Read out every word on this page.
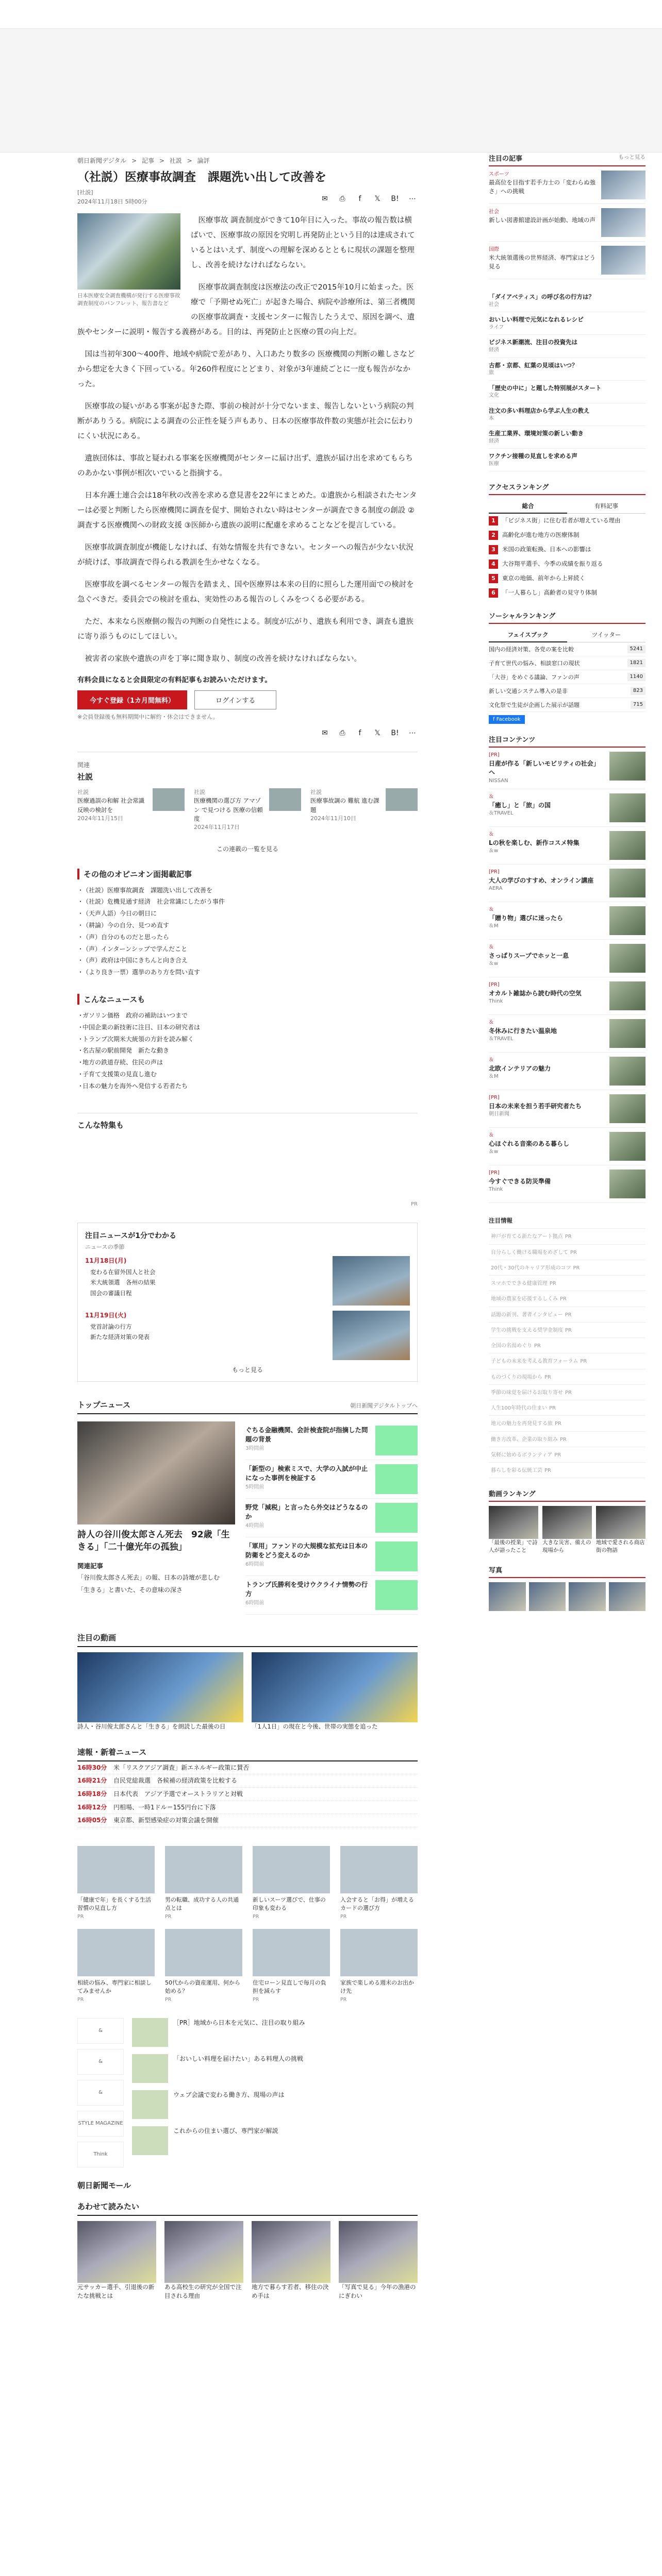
朝日新聞デジタル > 記事 > 社説 > 論評
（社説）医療事故調査　課題洗い出して改善を
[社説]
2024年11月18日 5時00分	✉	⎙	f	𝕏	B! ⋯
日本医療安全調査機構が発行する医療事故調査制度のパンフレット、報告書など

医療事故 調査制度ができて10年目に入った。事故の報告数は横ばいで、医療事故の原因を究明し再発防止という目的は達成されているとはいえず、制度への理解を深めるとともに現状の課題を整理し、改善を続けなければならない。

医療事故調査制度は医療法の改正で2015年10月に始まった。医療で「予期せぬ死亡」が起きた場合、病院や診療所は、第三者機関の医療事故調査・支援センターに報告したうえで、原因を調べ、遺族やセンターに説明・報告する義務がある。目的は、再発防止と医療の質の向上だ。

国は当初年300～400件、地域や病院で差があり、入口あたり数多の 医療機関の判断の難しさなどから想定を大きく下回っている。年260件程度にとどまり、対象が3年連続ごとに一度も報告がなかった。

医療事故の疑いがある事案が起きた際、事前の検討が十分でないまま、報告しないという病院の判断がありうる。病院による調査の公正性を疑う声もあり、日本の医療事故件数の実態が社会に伝わりにくい状況にある。

遺族団体は、事故と疑われる事案を医療機関がセンターに届け出ず、遺族が届け出を求めてもらちのあかない事例が相次いでいると指摘する。

日本弁護士連合会は18年秋の改善を求める意見書を22年にまとめた。①遺族から相談されたセンターは必要と判断したら医療機関に調査を促す、開始されない時はセンターが調査できる制度の創設 ②調査する医療機関への財政支援 ③医師から遺族の説明に配慮を求めることなどを提言している。

医療事故調査制度が機能しなければ、有効な情報を共有できない。センターへの報告が少ない状況が続けば、事故調査で得られる教訓を生かせなくなる。

医療事故を調べるセンターの報告を踏まえ、国や医療界は本来の目的に照らした運用面での検討を急ぐべきだ。委員会での検討を重ね、実効性のある報告のしくみをつくる必要がある。

ただ、本来なら医療側の報告の判断の自発性による。制度が広がり、遺族も利用でき、調査も遺族に寄り添うものにしてほしい。

被害者の家族や遺族の声を丁寧に聞き取り、制度の改善を続けなければならない。

有料会員になると会員限定の有料記事もお読みいただけます。
今すぐ登録（1カ月間無料）	ログインする
※会員登録後も無料期間中に解約・休会はできません。
✉	⎙	f	𝕏	B! ⋯
関連
社説
社説
医療過誤の和解 社会常識 反映の検討を
2024年11月15日
社説
医療機関の選び方 アマゾン で見つける 医療の信頼度
2024年11月17日
社説
医療事故調の 難航 進む課題
2024年11月10日
この連載の一覧を見る
その他のオピニオン面掲載記事
・ （社説）医療事故調査　課題洗い出して改善を
・ （社説）危機見通す経済　社会常識にしたがう事件
・ （天声人語）今日の朝日に
・ （耕論）今の自分、見つめ直す
・ （声）自分のものだと思ったら
・ （声）インターンシップで学んだこと
・ （声）政府は中国にきちんと向き合え
・ （より良き一票）選挙のあり方を問い直す
こんなニュースも
・ ガソリン価格　政府の補助はいつまで
・ 中国企業の新技術に注目、日本の研究者は
・ トランプ次期米大統領の方針を読み解く
・ 名古屋の駅前開発　新たな動き
・ 地方の鉄道存続、住民の声は
・ 子育て支援策の見直し進む
・ 日本の魅力を海外へ発信する若者たち
こんな特集も
PR
注目ニュースが1分でわかる
ニュースの季節
11月18日(月)
変わる在留外国人と社会
米大統領選　各州の結果
国会の審議日程
11月19日(火)
党首討論の行方
新たな経済対策の発表
もっと見る
トップニュース	朝日新聞デジタルトップへ
詩人の谷川俊太郎さん死去　92歳「生きる」「二十億光年の孤独」
関連記事
「谷川俊太郎さん死去」の報、日本の詩壇が悲しむ
「生きる」と書いた、その意味の深さ
ぐちる金融機関、会計検査院が指摘した問題の背景
3時間前
「新型の」検索ミスで、大学の入試が中止になった事例を検証する
5時間前
野党「減税」と言ったら外交はどうなるのか
4時間前
「軍用」ファンドの大規模な拡充は日本の防衛をどう変えるのか
6時間前
トランプ氏勝利を受けウクライナ情勢の行方
6時間前
注目の動画
詩人・谷川俊太郎さんと「生きる」を朗読した最後の日	「1人1日」の現在と今後、世帯の実態を追った
速報・新着ニュース
16時30分 米「リスクアジア調査」新エネルギー政策に賛否
16時21分 自民党総裁選　各候補の経済政策を比較する
16時18分 日本代表　アジア予選でオーストラリアと対戦
16時12分 円相場、一時1ドル＝155円台に下落
16時05分 東京都、新型感染症の対策会議を開催
「健康で年」を長くする生活習慣の見直し方
PR
男の転職、成功する人の共通点とは
PR
新しいスーツ選びで、仕事の印象も変わる
PR
入会すると「お得」が増えるカードの選び方
PR
相続の悩み、専門家に相談してみませんか
PR
50代からの資産運用、何から始める？
PR
住宅ローン見直しで毎月の負担を減らす
PR
家族で楽しめる週末のお出かけ先
PR
&
&
&
STYLE MAGAZINE
Think
［PR］地域から日本を元気に、注目の取り組み
「おいしい料理を届けたい」ある料理人の挑戦
ウェブ会議で変わる働き方、現場の声は
これからの住まい選び、専門家が解説
朝日新聞モール
あわせて読みたい
元サッカー選手、引退後の新たな挑戦とは
ある高校生の研究が全国で注目される理由
地方で暮らす若者、移住の決め手は
「写真で見る」今年の漁港のにぎわい
注目の記事	もっと見る
スポーツ
最高位を目指す若手力士の「変わらぬ強さ」への挑戦
社会
新しい図書館建設計画が始動、地域の声
国際
米大統領選後の世界経済、専門家はどう見る
「ダイアベティス」の呼び名の行方は？
社会
おいしい料理で元気になれるレシピ
ライフ
ビジネス新潮流、注目の投資先は
経済
古都・京都、紅葉の見頃はいつ？
旅
「歴史の中に」と題した特別展がスタート
文化
注文の多い料理店から学ぶ人生の教え
本
生産工業界、環境対策の新しい動き
経済
ワクチン接種の見直しを求める声
医療
アクセスランキング
総合	有料記事
1	「ビジネス街」に住む若者が増えている理由
2	高齢化が進む地方の医療体制
3	米国の政策転換、日本への影響は
4	大谷翔平選手、今季の成績を振り返る
5	東京の地価、前年から上昇続く
6	「一人暮らし」高齢者の見守り体制
ソーシャルランキング
フェイスブック	ツイッター
国内の経済対策、各党の案を比較	5241
子育て世代の悩み、相談窓口の現状	1821
「大谷」をめぐる議論、ファンの声	1140
新しい交通システム導入の是非	823
文化祭で生徒が企画した展示が話題	715
f Facebook
注目コンテンツ
[PR]
日産が作る「新しいモビリティの社会」へ
NISSAN
＆
「癒し」と「旅」の国
＆TRAVEL
＆
Lの秋を楽しむ、新作コスメ特集
＆w
[PR]
大人の学びのすすめ、オンライン講座
AERA
＆
「贈り物」選びに迷ったら
＆M
＆
さっぱりスープでホッと一息
＆w
[PR]
オカルト雑誌から読む時代の空気
Think
＆
冬休みに行きたい温泉地
＆TRAVEL
＆
北欧インテリアの魅力
＆M
[PR]
日本の未来を担う若手研究者たち
朝日新聞
＆
心ほぐれる音楽のある暮らし
＆w
[PR]
今すぐできる防災準備
Think
注目情報
神戸が育てる新たなアート拠点 PR
自分らしく働ける職場をめざして PR
20代・30代のキャリア形成のコツ PR
スマホでできる健康管理 PR
地域の農家を応援するしくみ PR
話題の新刊、著者インタビュー PR
学生の挑戦を支える奨学金制度 PR
全国の名湯めぐり PR
子どもの未来を考える教育フォーラム PR
ものづくりの現場から PR
季節の味覚を届けるお取り寄せ PR
人生100年時代の住まい PR
地元の魅力を再発見する旅 PR
働き方改革、企業の取り組み PR
気軽に始めるボランティア PR
暮らしを彩る伝統工芸 PR
動画ランキング
「最後の授業」で詩人が語ったこと
大きな災害、備えの現場から
地域で愛される商店街の物語
写真
